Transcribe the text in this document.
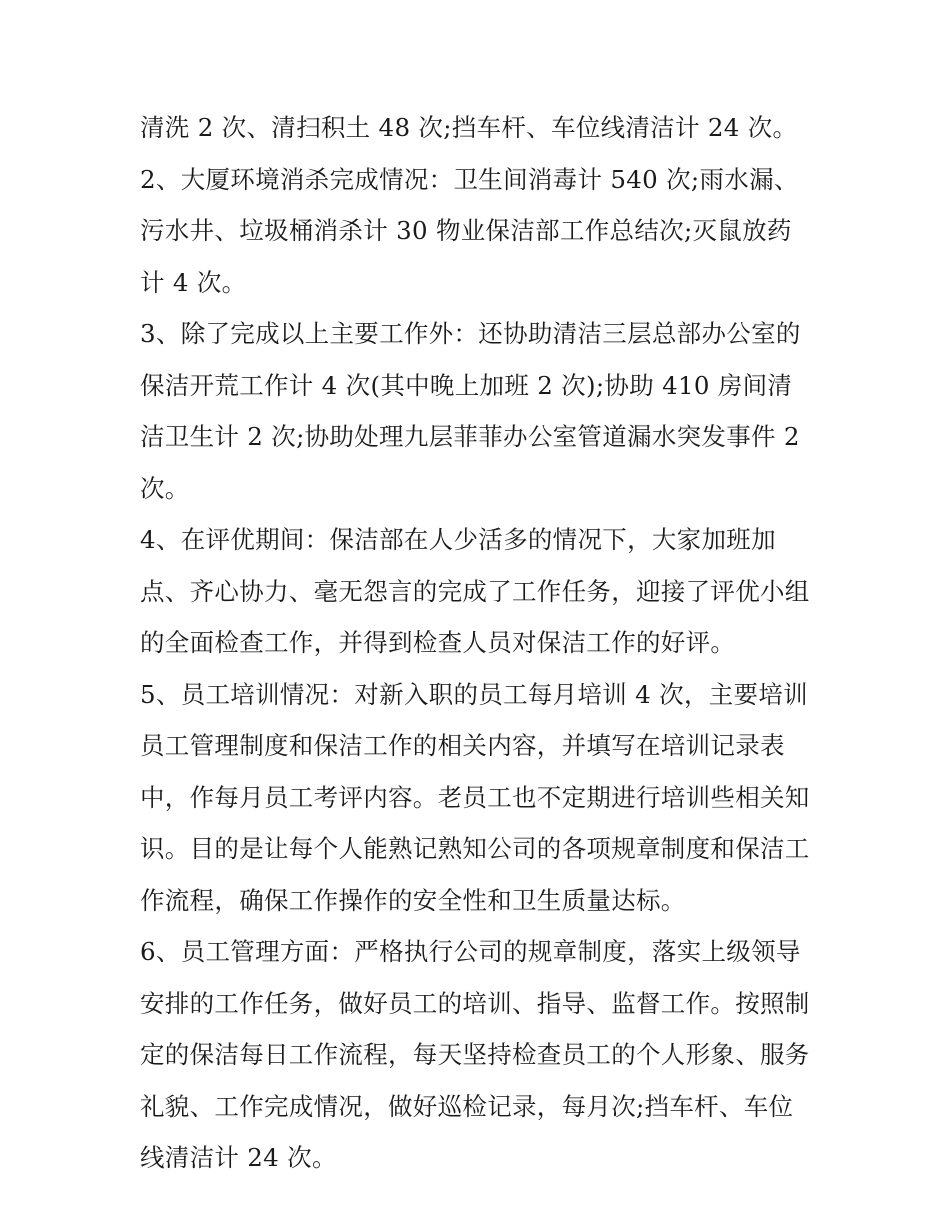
清洗 2 次、清扫积土 48 次;挡车杆、车位线清洁计 24 次。

2、大厦环境消杀完成情况：卫生间消毒计 540 次;雨水漏、污水井、垃圾桶消杀计 30 物业保洁部工作总结次;灭鼠放药计 4 次。

3、除了完成以上主要工作外：还协助清洁三层总部办公室的保洁开荒工作计 4 次(其中晚上加班 2 次);协助 410 房间清洁卫生计 2 次;协助处理九层菲菲办公室管道漏水突发事件 2 次。

4、在评优期间：保洁部在人少活多的情况下，大家加班加点、齐心协力、毫无怨言的完成了工作任务，迎接了评优小组的全面检查工作，并得到检查人员对保洁工作的好评。

5、员工培训情况：对新入职的员工每月培训 4 次，主要培训员工管理制度和保洁工作的相关内容，并填写在培训记录表中，作每月员工考评内容。老员工也不定期进行培训些相关知识。目的是让每个人能熟记熟知公司的各项规章制度和保洁工作流程，确保工作操作的安全性和卫生质量达标。

6、员工管理方面：严格执行公司的规章制度，落实上级领导安排的工作任务，做好员工的培训、指导、监督工作。按照制定的保洁每日工作流程，每天坚持检查员工的个人形象、服务礼貌、工作完成情况，做好巡检记录，每月次;挡车杆、车位线清洁计 24 次。
